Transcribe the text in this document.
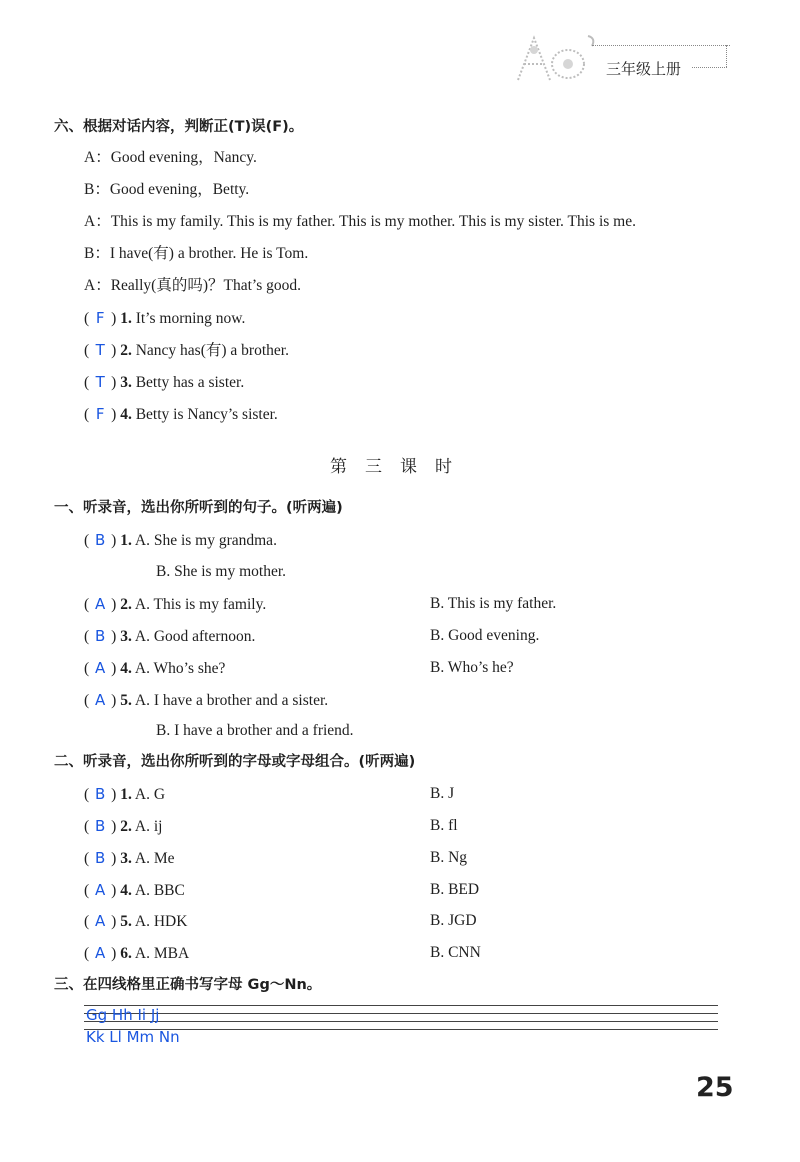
三年级上册
六、根据对话内容，判断正(T)误(F)。
A：Good evening，Nancy.
B：Good evening，Betty.
A：This is my family. This is my father. This is my mother. This is my sister. This is me.
B：I have(有) a brother. He is Tom.
A：Really(真的吗)？That’s good.
( F ) 1. It’s morning now.
( T ) 2. Nancy has(有) a brother.
( T ) 3. Betty has a sister.
( F ) 4. Betty is Nancy’s sister.
第三课时
一、听录音，选出你所听到的句子。(听两遍)
( B ) 1. A. She is my grandma.
B. She is my mother.
( A ) 2. A. This is my family.	B. This is my father.
( B ) 3. A. Good afternoon.	B. Good evening.
( A ) 4. A. Who’s she?	B. Who’s he?
( A ) 5. A. I have a brother and a sister.
B. I have a brother and a friend.
二、听录音，选出你所听到的字母或字母组合。(听两遍)
( B ) 1. A. G	B. J
( B ) 2. A. ij	B. fl
( B ) 3. A. Me	B. Ng
( A ) 4. A. BBC	B. BED
( A ) 5. A. HDK	B. JGD
( A ) 6. A. MBA	B. CNN
三、在四线格里正确书写字母 Gg～Nn。
Gg Hh Ii Jj
Kk Ll Mm Nn
25
